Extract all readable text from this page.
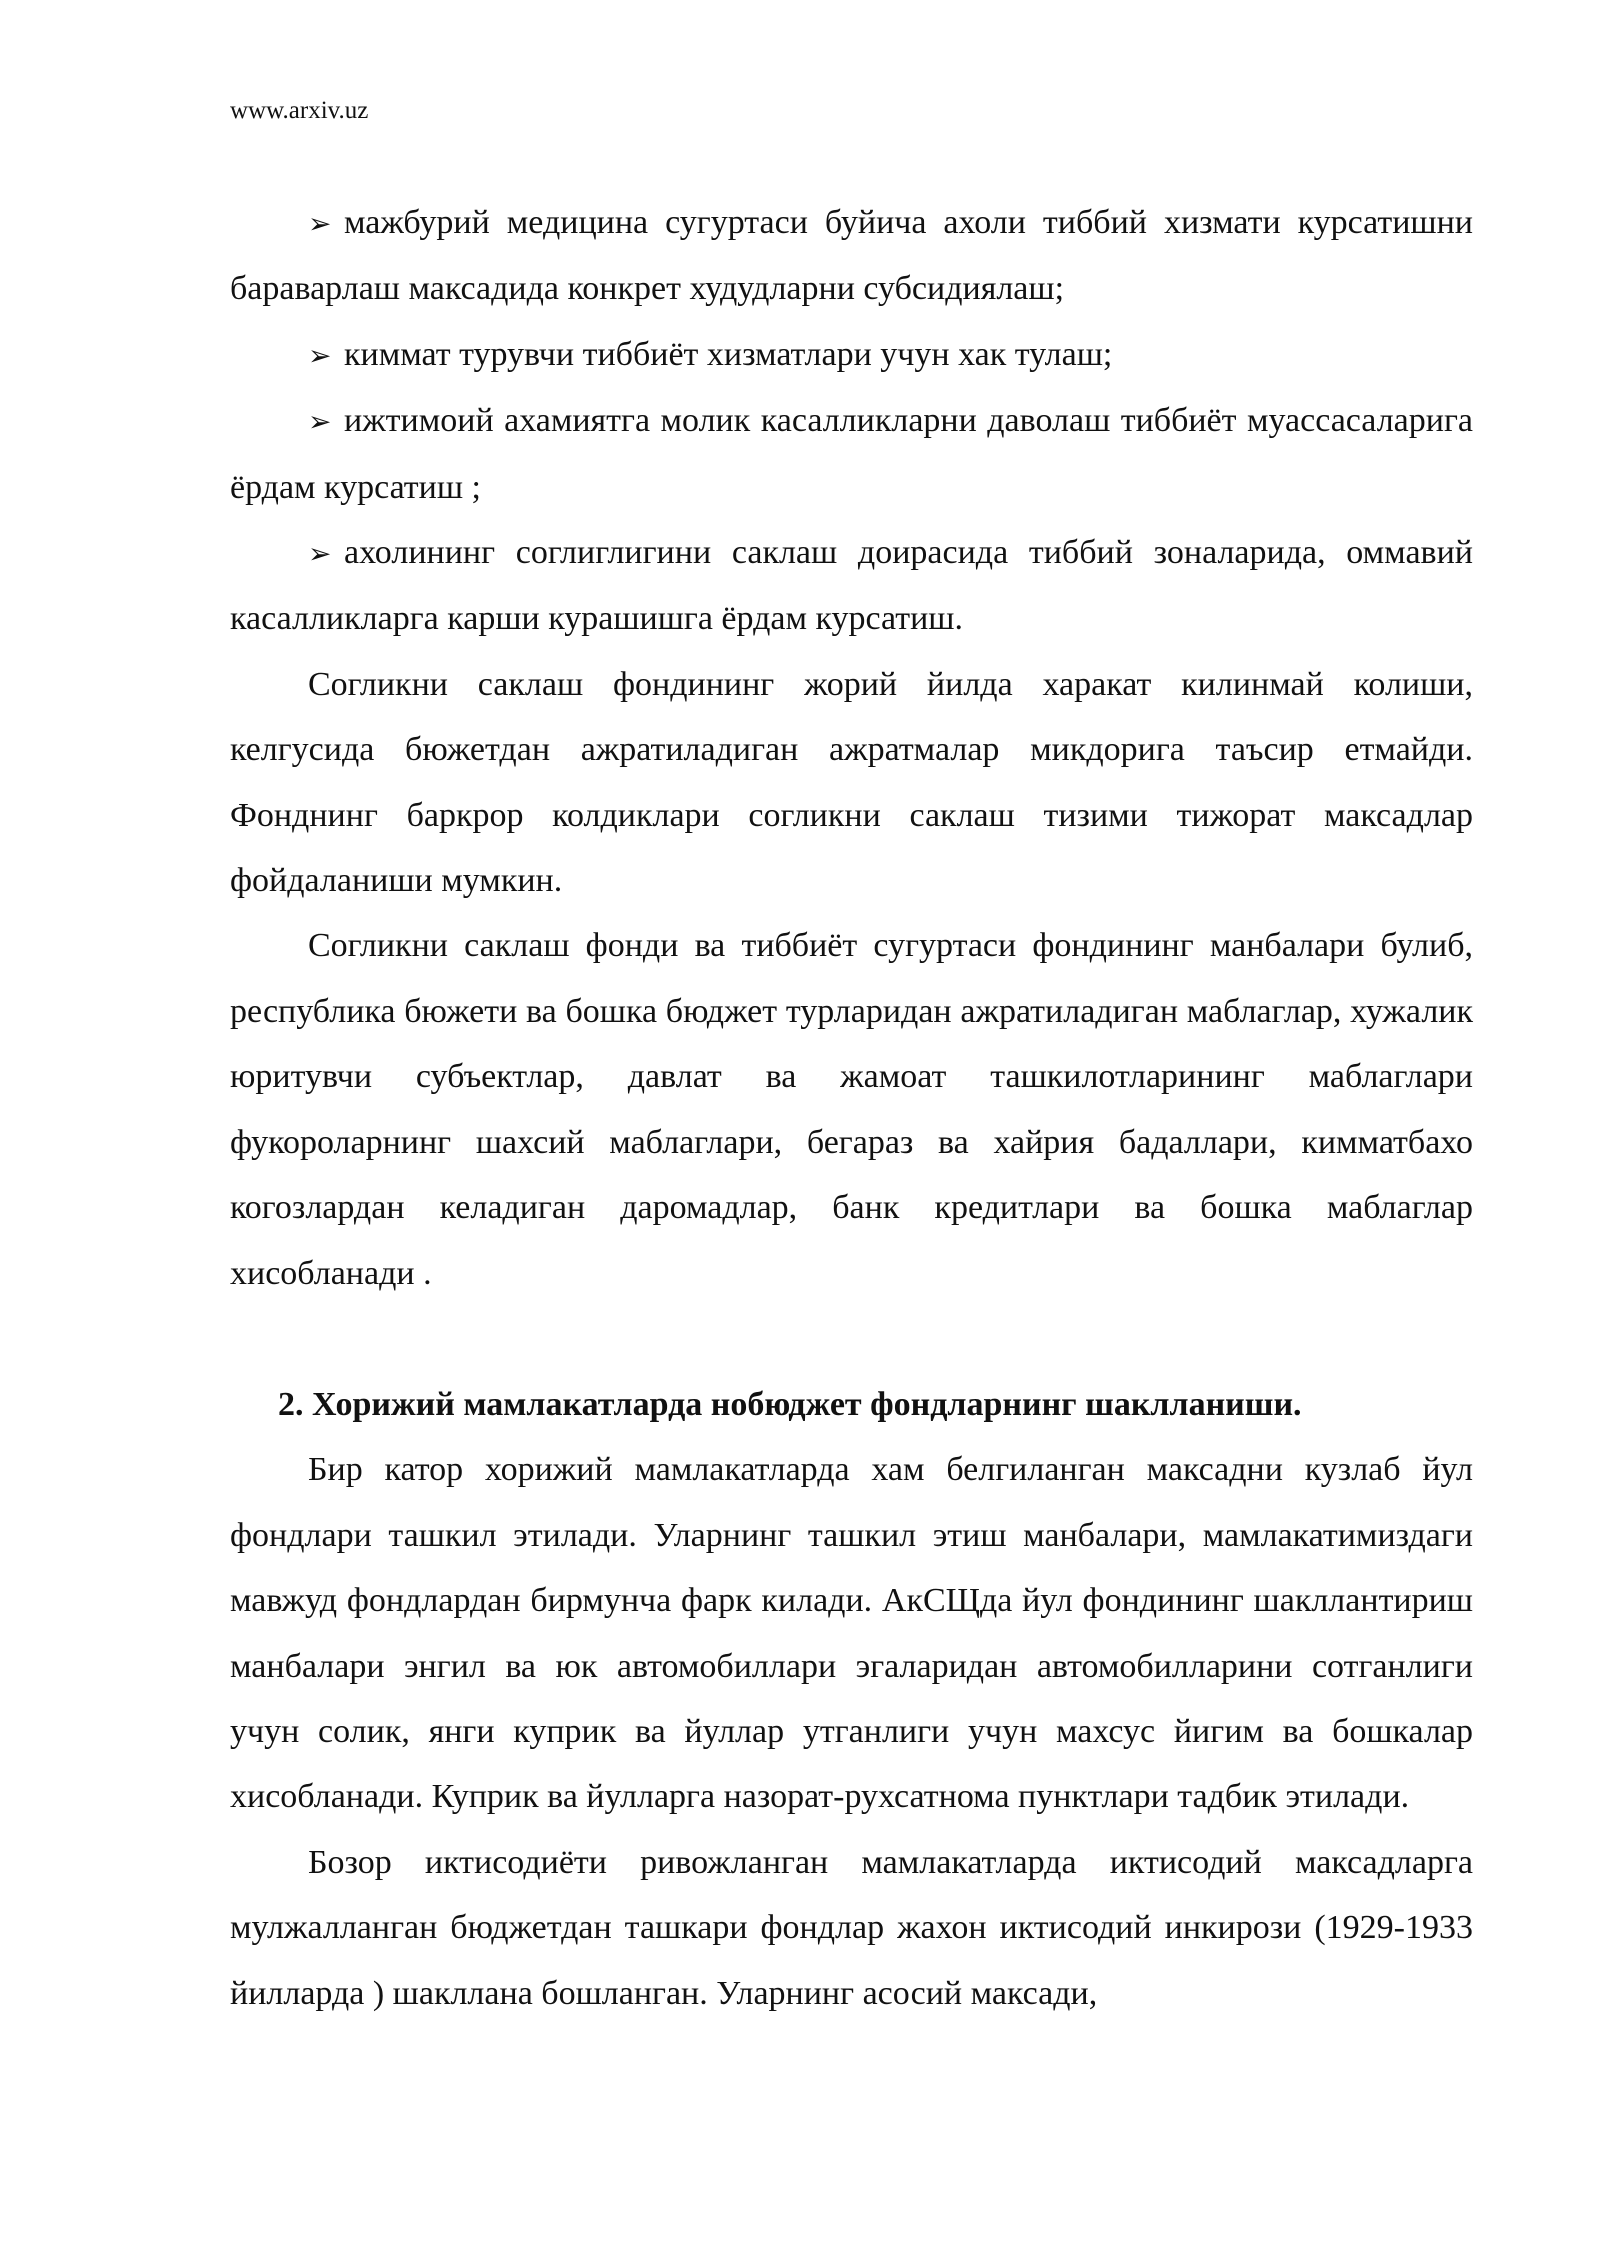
www.arxiv.uz

➢ мажбурий медицина сугуртаси буйича ахоли тиббий хизмати курсатишни бараварлаш максадида конкрет худудларни субсидиялаш;

➢ киммат турувчи тиббиёт хизматлари учун хак тулаш;

➢ ижтимоий ахамиятга молик касалликларни даволаш тиббиёт муассасаларига ёрдам курсатиш ;

➢ ахолининг соглиглигини саклаш доирасида тиббий зоналарида, оммавий касалликларга карши курашишга ёрдам курсатиш.

Согликни саклаш фондининг жорий йилда харакат килинмай колиши, келгусида бюжетдан ажратиладиган ажратмалар микдорига таъсир етмайди. Фонднинг баркрор колдиклари согликни саклаш тизими тижорат максадлар фойдаланиши мумкин.

Согликни саклаш фонди ва тиббиёт сугуртаси фондининг манбалари булиб, республика бюжети ва бошка бюджет турларидан ажратиладиган маблаглар, хужалик юритувчи субъектлар, давлат ва жамоат ташкилотларининг маблаглари фукороларнинг шахсий маблаглари, бегараз ва хайрия бадаллари, кимматбахо когозлардан келадиган даромадлар, банк кредитлари ва бошка маблаглар хисобланади .

2. Хорижий мамлакатларда нобюджет фондларнинг шаклланиши.

Бир катор хорижий мамлакатларда хам белгиланган максадни кузлаб йул фондлари ташкил этилади. Уларнинг ташкил этиш манбалари, мамлакатимиздаги мавжуд фондлардан бирмунча фарк килади. АкСЩда йул фондининг шакллантириш манбалари энгил ва юк автомобиллари эгаларидан автомобилларини сотганлиги учун солик, янги куприк ва йуллар утганлиги учун махсус йигим ва бошкалар хисобланади. Куприк ва йулларга назорат-рухсатнома пунктлари тадбик этилади.

Бозор иктисодиёти ривожланган мамлакатларда иктисодий максадларга мулжалланган бюджетдан ташкари фондлар жахон иктисодий инкирози (1929-1933 йилларда ) шакллана бошланган. Уларнинг асосий максади,
